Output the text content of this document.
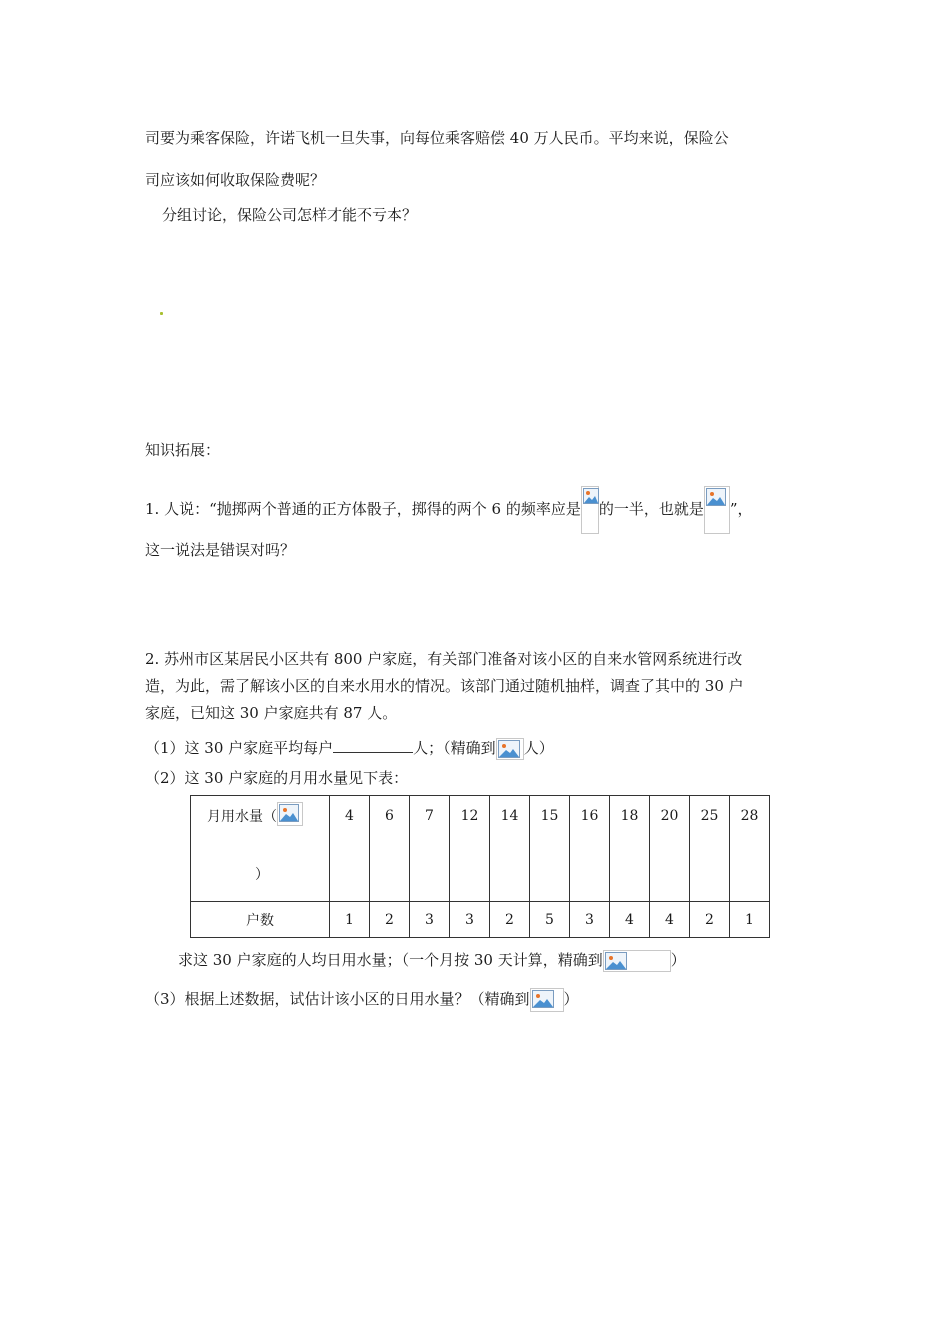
司要为乘客保险，许诺飞机一旦失事，向每位乘客赔偿 40 万人民币。平均来说，保险公
司应该如何收取保险费呢？
分组讨论，保险公司怎样才能不亏本？
知识拓展：
1. 人说：“抛掷两个普通的正方体骰子，掷得的两个 6 的频率应是 的一半，也就是 ”，
这一说法是错误对吗？
2. 苏州市区某居民小区共有 800 户家庭，有关部门准备对该小区的自来水管网系统进行改
造，为此，需了解该小区的自来水用水的情况。该部门通过随机抽样，调查了其中的 30 户
家庭，已知这 30 户家庭共有 87 人。
（1）这 30 户家庭平均每户	人；（精确到 人）
（2）这 30 户家庭的月用水量见下表：
月用水量（
）	4	6	7	12	14	15	16	18	20	25	28
户数	1	2	3	3	2	5	3	4	4	2	1
求这 30 户家庭的人均日用水量；（一个月按 30 天计算，精确到	）
（3）根据上述数据，试估计该小区的日用水量？（精确到 ）
